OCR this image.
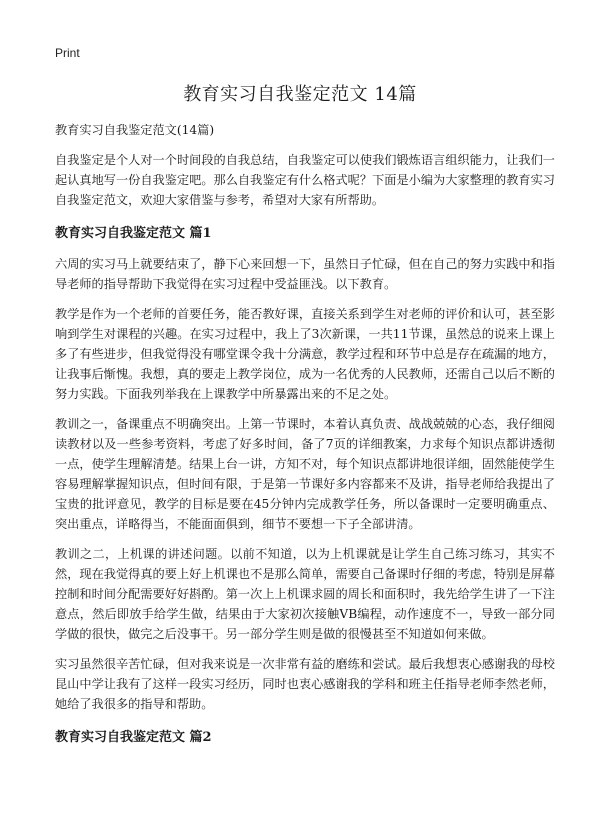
Print
教育实习自我鉴定范文 14篇

教育实习自我鉴定范文(14篇)

自我鉴定是个人对一个时间段的自我总结，自我鉴定可以使我们锻炼语言组织能力，让我们一起认真地写一份自我鉴定吧。那么自我鉴定有什么格式呢？下面是小编为大家整理的教育实习自我鉴定范文，欢迎大家借鉴与参考，希望对大家有所帮助。

教育实习自我鉴定范文 篇1

六周的实习马上就要结束了，静下心来回想一下，虽然日子忙碌，但在自己的努力实践中和指导老师的指导帮助下我觉得在实习过程中受益匪浅。以下教育。

教学是作为一个老师的首要任务，能否教好课，直接关系到学生对老师的评价和认可，甚至影响到学生对课程的兴趣。在实习过程中，我上了3次新课，一共11节课，虽然总的说来上课上多了有些进步，但我觉得没有哪堂课令我十分满意，教学过程和环节中总是存在疏漏的地方，让我事后惭愧。我想，真的要走上教学岗位，成为一名优秀的人民教师，还需自己以后不断的努力实践。下面我列举我在上课教学中所暴露出来的不足之处。

教训之一，备课重点不明确突出。上第一节课时，本着认真负责、战战兢兢的心态，我仔细阅读教材以及一些参考资料，考虑了好多时间，备了7页的详细教案，力求每个知识点都讲透彻一点，使学生理解清楚。结果上台一讲，方知不对，每个知识点都讲地很详细，固然能使学生容易理解掌握知识点，但时间有限，于是第一节课好多内容都来不及讲，指导老师给我提出了宝贵的批评意见，教学的目标是要在45分钟内完成教学任务，所以备课时一定要明确重点、突出重点，详略得当，不能面面俱到，细节不要想一下子全部讲清。

教训之二，上机课的讲述问题。以前不知道，以为上机课就是让学生自己练习练习，其实不然，现在我觉得真的要上好上机课也不是那么简单，需要自己备课时仔细的考虑，特别是屏幕控制和时间分配需要好好斟酌。第一次上上机课求圆的周长和面积时，我先给学生讲了一下注意点，然后即放手给学生做，结果由于大家初次接触VB编程，动作速度不一，导致一部分同学做的很快，做完之后没事干。另一部分学生则是做的很慢甚至不知道如何来做。

实习虽然很辛苦忙碌，但对我来说是一次非常有益的磨练和尝试。最后我想衷心感谢我的母校昆山中学让我有了这样一段实习经历，同时也衷心感谢我的学科和班主任指导老师李然老师，她给了我很多的指导和帮助。

教育实习自我鉴定范文 篇2
